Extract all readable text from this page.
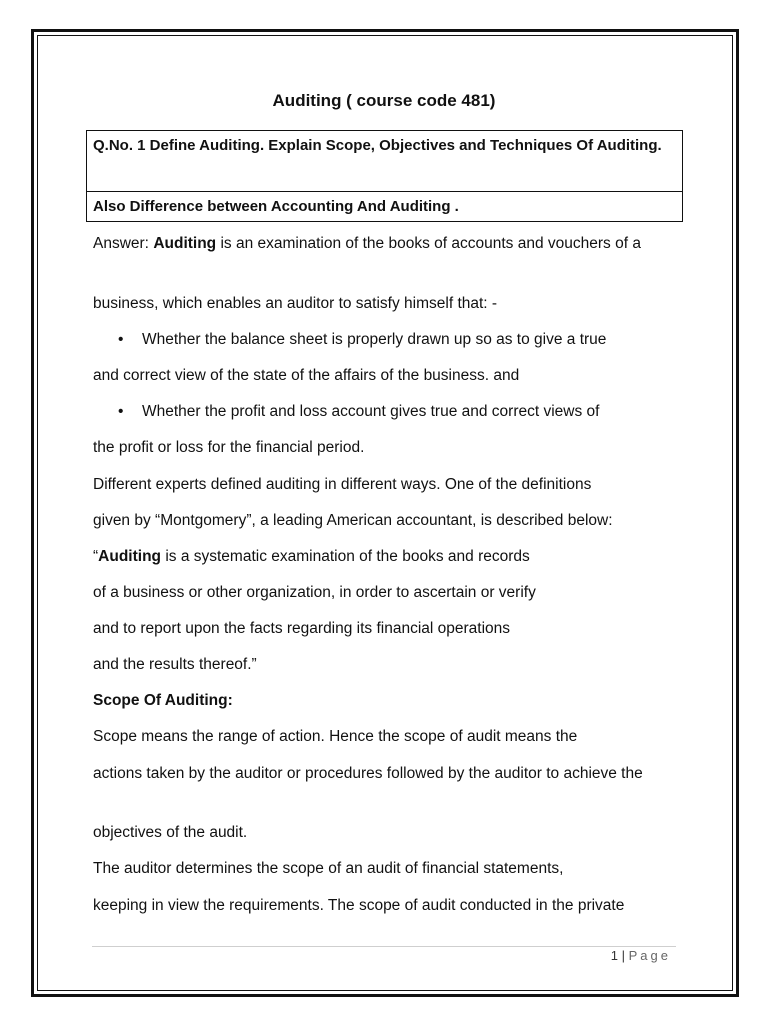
Auditing ( course code 481)
Q.No. 1 Define Auditing. Explain Scope, Objectives and Techniques Of Auditing.
Also Difference between Accounting And Auditing .
Answer: Auditing is an examination of the books of accounts and vouchers of a
business, which enables an auditor to satisfy himself that: -
• Whether the balance sheet is properly drawn up so as to give a true
and correct view of the state of the affairs of the business. and
• Whether the profit and loss account gives true and correct views of
the profit or loss for the financial period.
Different experts defined auditing in different ways. One of the definitions
given by “Montgomery”, a leading American accountant, is described below:
“Auditing is a systematic examination of the books and records
of a business or other organization, in order to ascertain or verify
and to report upon the facts regarding its financial operations
and the results thereof.”
Scope Of Auditing:
Scope means the range of action. Hence the scope of audit means the
actions taken by the auditor or procedures followed by the auditor to achieve the
objectives of the audit.
The auditor determines the scope of an audit of financial statements,
keeping in view the requirements. The scope of audit conducted in the private
1 | Page
